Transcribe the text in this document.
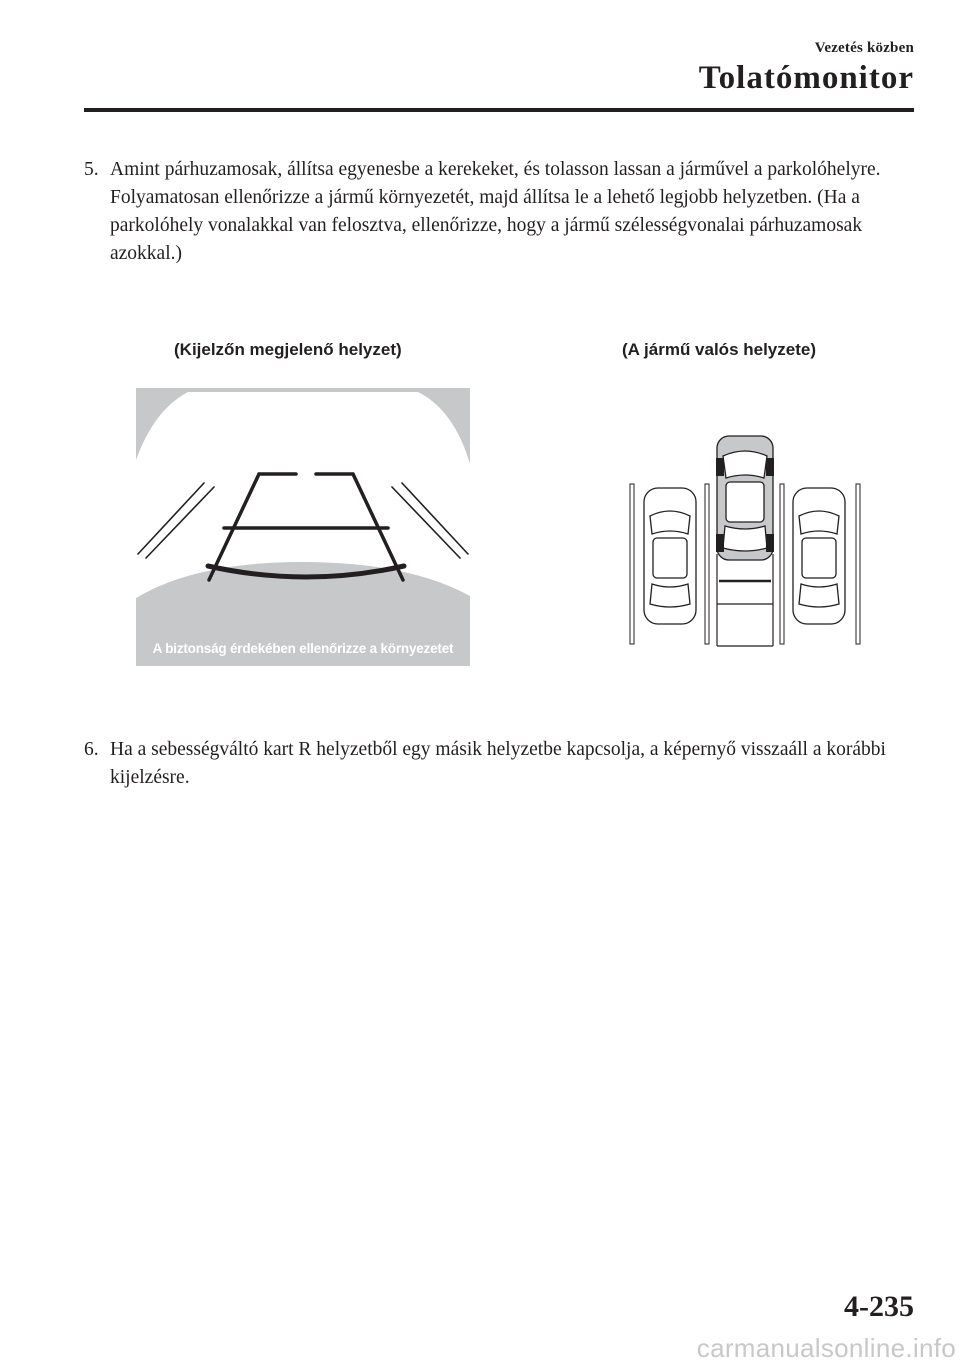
Vezetés közben
Tolatómonitor
5. Amint párhuzamosak, állítsa egyenesbe a kerekeket, és tolasson lassan a járművel a parkolóhelyre. Folyamatosan ellenőrizze a jármű környezetét, majd állítsa le a lehető legjobb helyzetben. (Ha a parkolóhely vonalakkal van felosztva, ellenőrizze, hogy a jármű szélességvonalai párhuzamosak azokkal.)
(Kijelzőn megjelenő helyzet)	(A jármű valós helyzete)
A biztonság érdekében ellenőrizze a környezetet
6. Ha a sebességváltó kart R helyzetből egy másik helyzetbe kapcsolja, a képernyő visszaáll a korábbi kijelzésre.
4-235
carmanualsonline.info
